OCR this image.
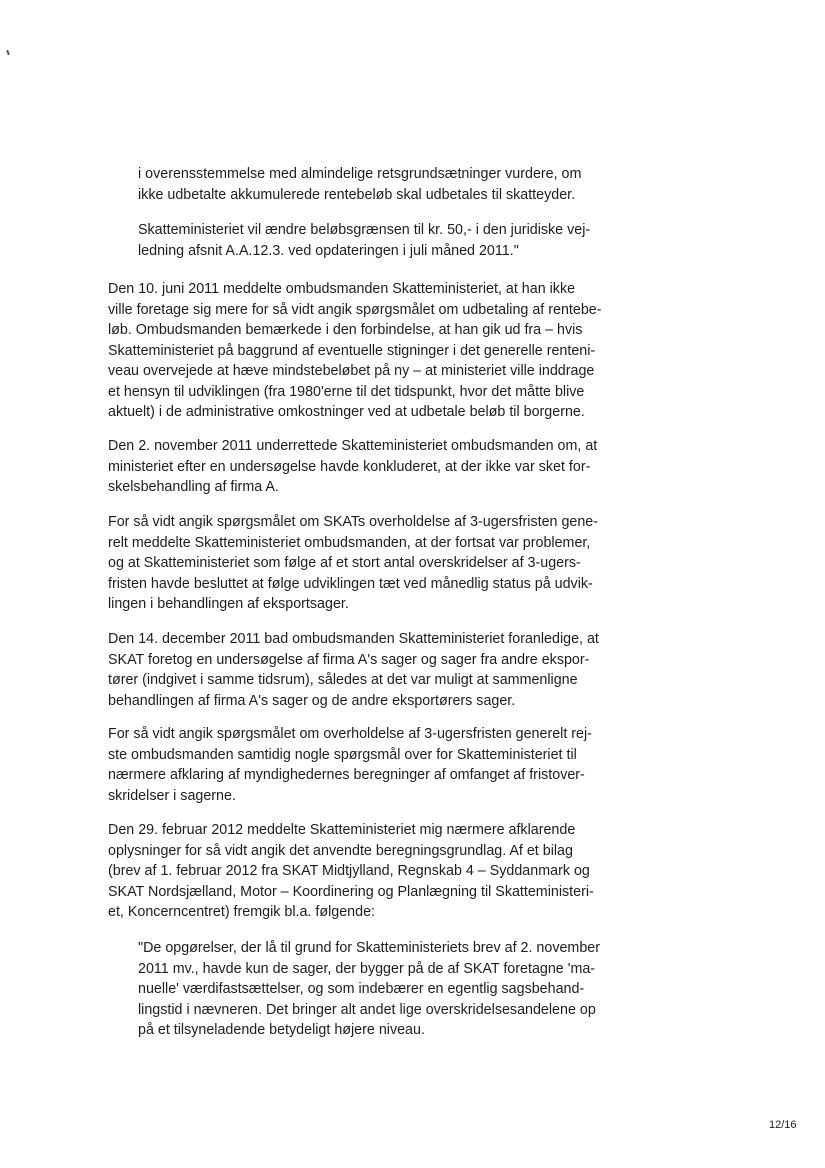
i overensstemmelse med almindelige retsgrundsætninger vurdere, om
ikke udbetalte akkumulerede rentebeløb skal udbetales til skatteyder.
Skatteministeriet vil ændre beløbsgrænsen til kr. 50,- i den juridiske vej-
ledning afsnit A.A.12.3. ved opdateringen i juli måned 2011."
Den 10. juni 2011 meddelte ombudsmanden Skatteministeriet, at han ikke
ville foretage sig mere for så vidt angik spørgsmålet om udbetaling af rentebe-
løb. Ombudsmanden bemærkede i den forbindelse, at han gik ud fra – hvis
Skatteministeriet på baggrund af eventuelle stigninger i det generelle renteni-
veau overvejede at hæve mindstebeløbet på ny – at ministeriet ville inddrage
et hensyn til udviklingen (fra 1980'erne til det tidspunkt, hvor det måtte blive
aktuelt) i de administrative omkostninger ved at udbetale beløb til borgerne.
Den 2. november 2011 underrettede Skatteministeriet ombudsmanden om, at
ministeriet efter en undersøgelse havde konkluderet, at der ikke var sket for-
skelsbehandling af firma A.
For så vidt angik spørgsmålet om SKATs overholdelse af 3-ugersfristen gene-
relt meddelte Skatteministeriet ombudsmanden, at der fortsat var problemer,
og at Skatteministeriet som følge af et stort antal overskridelser af 3-ugers-
fristen havde besluttet at følge udviklingen tæt ved månedlig status på udvik-
lingen i behandlingen af eksportsager.
Den 14. december 2011 bad ombudsmanden Skatteministeriet foranledige, at
SKAT foretog en undersøgelse af firma A's sager og sager fra andre ekspor-
tører (indgivet i samme tidsrum), således at det var muligt at sammenligne
behandlingen af firma A's sager og de andre eksportørers sager.
For så vidt angik spørgsmålet om overholdelse af 3-ugersfristen generelt rej-
ste ombudsmanden samtidig nogle spørgsmål over for Skatteministeriet til
nærmere afklaring af myndighedernes beregninger af omfanget af fristover-
skridelser i sagerne.
Den 29. februar 2012 meddelte Skatteministeriet mig nærmere afklarende
oplysninger for så vidt angik det anvendte beregningsgrundlag. Af et bilag
(brev af 1. februar 2012 fra SKAT Midtjylland, Regnskab 4 – Syddanmark og
SKAT Nordsjælland, Motor – Koordinering og Planlægning til Skatteministeri-
et, Koncerncentret) fremgik bl.a. følgende:
"De opgørelser, der lå til grund for Skatteministeriets brev af 2. november
2011 mv., havde kun de sager, der bygger på de af SKAT foretagne 'ma-
nuelle' værdifastsættelser, og som indebærer en egentlig sagsbehand-
lingstid i nævneren. Det bringer alt andet lige overskridelsesandelene op
på et tilsyneladende betydeligt højere niveau.
12/16
